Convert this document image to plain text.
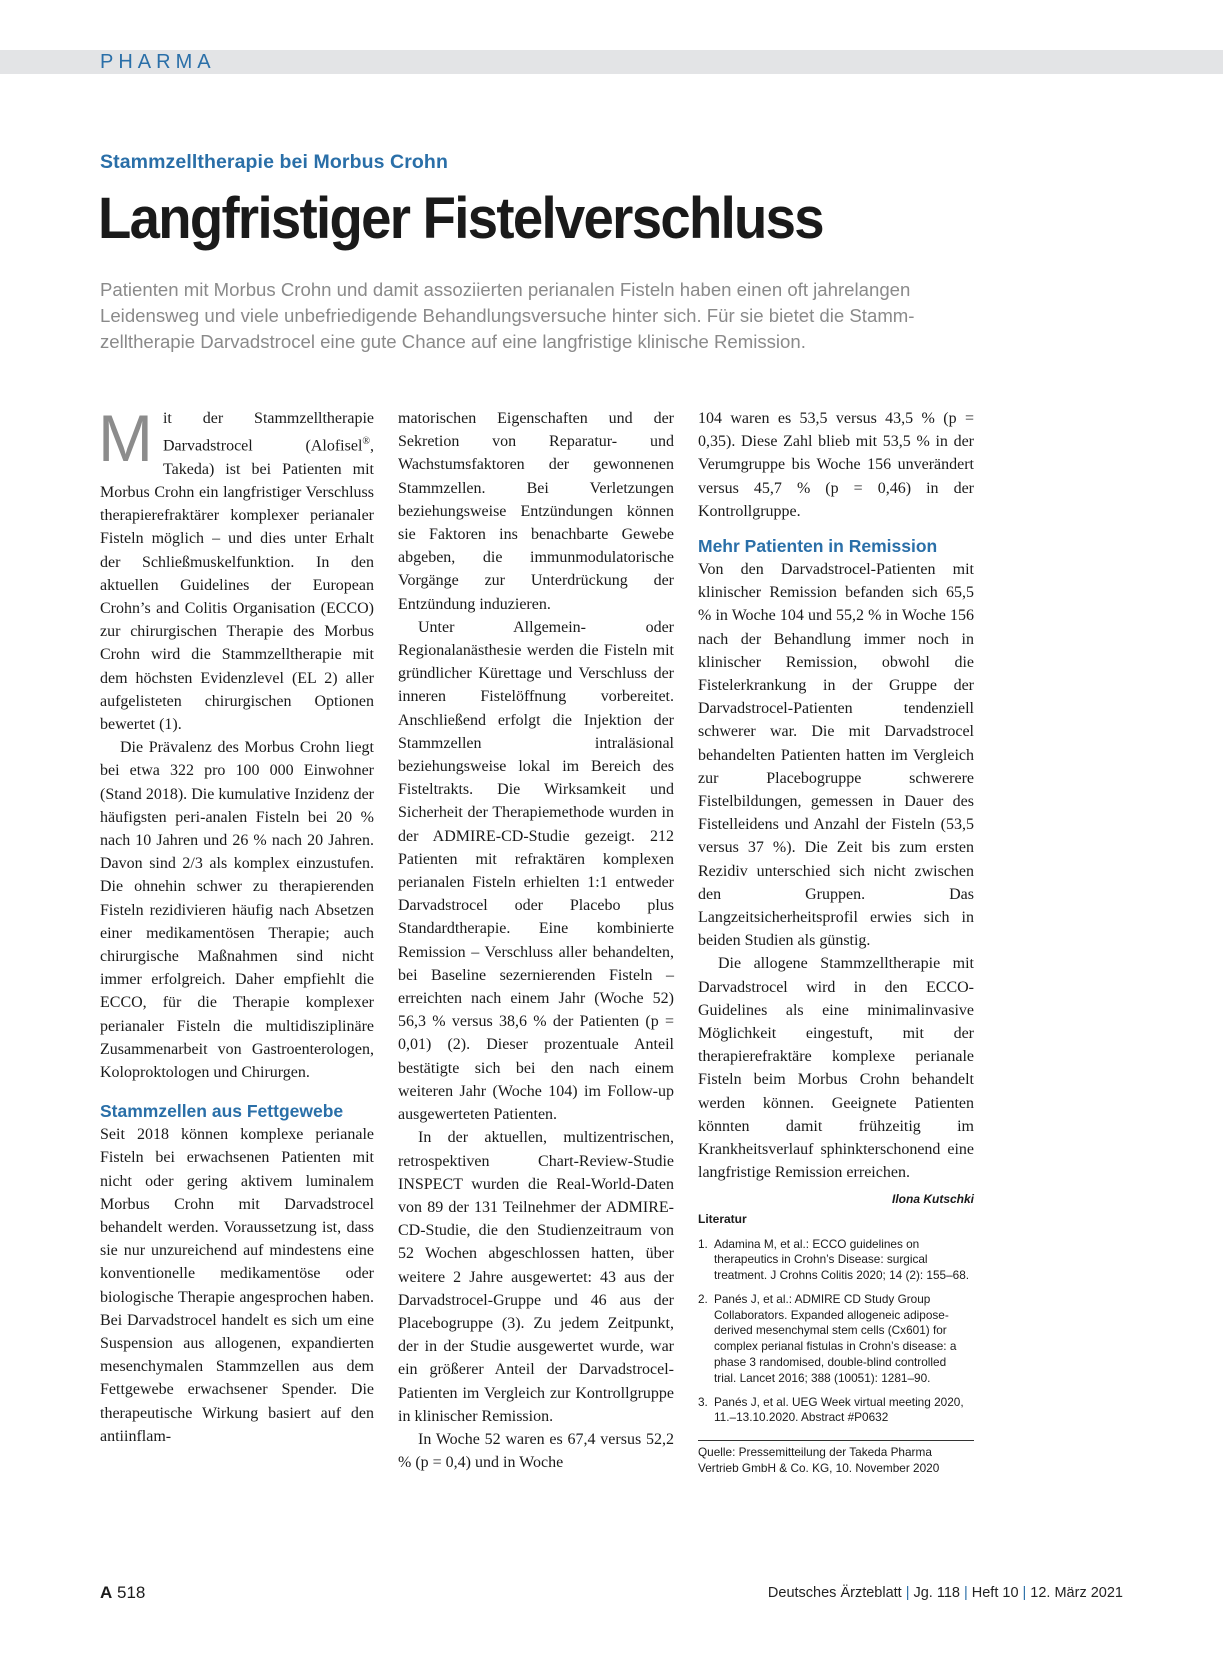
PHARMA
Stammzelltherapie bei Morbus Crohn
Langfristiger Fistelverschluss
Patienten mit Morbus Crohn und damit assoziierten perianalen Fisteln haben einen oft jahrelangen
Leidensweg und viele unbefriedigende Behandlungsversuche hinter sich. Für sie bietet die Stamm-
zelltherapie Darvadstrocel eine gute Chance auf eine langfristige klinische Remission.

Mit der Stammzelltherapie Darvadstrocel (Alofisel®, Takeda) ist bei Patienten mit Morbus Crohn ein langfristiger Verschluss therapierefraktärer komplexer perianaler Fisteln möglich – und dies unter Erhalt der Schließmuskelfunktion. In den aktuellen Guidelines der European Crohn’s and Colitis Organisation (ECCO) zur chirurgischen Therapie des Morbus Crohn wird die Stammzelltherapie mit dem höchsten Evidenzlevel (EL 2) aller aufgelisteten chirurgischen Optionen bewertet (1).

Die Prävalenz des Morbus Crohn liegt bei etwa 322 pro 100 000 Einwohner (Stand 2018). Die kumulative Inzidenz der häufigsten peri-analen Fisteln bei 20 % nach 10 Jahren und 26 % nach 20 Jahren. Davon sind 2/3 als komplex einzustufen. Die ohnehin schwer zu therapierenden Fisteln rezidivieren häufig nach Absetzen einer medikamentösen Therapie; auch chirurgische Maßnahmen sind nicht immer erfolgreich. Daher empfiehlt die ECCO, für die Therapie komplexer perianaler Fisteln die multidisziplinäre Zusammenarbeit von Gastroenterologen, Koloproktologen und Chirurgen.

Stammzellen aus Fettgewebe

Seit 2018 können komplexe perianale Fisteln bei erwachsenen Patienten mit nicht oder gering aktivem luminalem Morbus Crohn mit Darvadstrocel behandelt werden. Voraussetzung ist, dass sie nur unzureichend auf mindestens eine konventionelle medikamentöse oder biologische Therapie angesprochen haben. Bei Darvadstrocel handelt es sich um eine Suspension aus allogenen, expandierten mesenchymalen Stammzellen aus dem Fettgewebe erwachsener Spender. Die therapeutische Wirkung basiert auf den antiinflam-

matorischen Eigenschaften und der Sekretion von Reparatur- und Wachstumsfaktoren der gewonnenen Stammzellen. Bei Verletzungen beziehungsweise Entzündungen können sie Faktoren ins benachbarte Gewebe abgeben, die immunmodulatorische Vorgänge zur Unterdrückung der Entzündung induzieren.

Unter Allgemein- oder Regionalanästhesie werden die Fisteln mit gründlicher Kürettage und Verschluss der inneren Fistelöffnung vorbereitet. Anschließend erfolgt die Injektion der Stammzellen intraläsional beziehungsweise lokal im Bereich des Fisteltrakts. Die Wirksamkeit und Sicherheit der Therapiemethode wurden in der ADMIRE-CD-Studie gezeigt. 212 Patienten mit refraktären komplexen perianalen Fisteln erhielten 1:1 entweder Darvadstrocel oder Placebo plus Standardtherapie. Eine kombinierte Remission – Verschluss aller behandelten, bei Baseline sezernierenden Fisteln – erreichten nach einem Jahr (Woche 52) 56,3 % versus 38,6 % der Patienten (p = 0,01) (2). Dieser prozentuale Anteil bestätigte sich bei den nach einem weiteren Jahr (Woche 104) im Follow-up ausgewerteten Patienten.

In der aktuellen, multizentrischen, retrospektiven Chart-Review-Studie INSPECT wurden die Real-World-Daten von 89 der 131 Teilnehmer der ADMIRE-CD-Studie, die den Studienzeitraum von 52 Wochen abgeschlossen hatten, über weitere 2 Jahre ausgewertet: 43 aus der Darvadstrocel-Gruppe und 46 aus der Placebogruppe (3). Zu jedem Zeitpunkt, der in der Studie ausgewertet wurde, war ein größerer Anteil der Darvadstrocel-Patienten im Vergleich zur Kontrollgruppe in klinischer Remission.

In Woche 52 waren es 67,4 versus 52,2 % (p = 0,4) und in Woche

104 waren es 53,5 versus 43,5 % (p = 0,35). Diese Zahl blieb mit 53,5 % in der Verumgruppe bis Woche 156 unverändert versus 45,7 % (p = 0,46) in der Kontrollgruppe.

Mehr Patienten in Remission

Von den Darvadstrocel-Patienten mit klinischer Remission befanden sich 65,5 % in Woche 104 und 55,2 % in Woche 156 nach der Behandlung immer noch in klinischer Remission, obwohl die Fistelerkrankung in der Gruppe der Darvadstrocel-Patienten tendenziell schwerer war. Die mit Darvadstrocel behandelten Patienten hatten im Vergleich zur Placebogruppe schwerere Fistelbildungen, gemessen in Dauer des Fistelleidens und Anzahl der Fisteln (53,5 versus 37 %). Die Zeit bis zum ersten Rezidiv unterschied sich nicht zwischen den Gruppen. Das Langzeitsicherheitsprofil erwies sich in beiden Studien als günstig.

Die allogene Stammzelltherapie mit Darvadstrocel wird in den ECCO-Guidelines als eine minimalinvasive Möglichkeit eingestuft, mit der therapierefraktäre komplexe perianale Fisteln beim Morbus Crohn behandelt werden können. Geeignete Patienten könnten damit frühzeitig im Krankheitsverlauf sphinkterschonend eine langfristige Remission erreichen.
Ilona Kutschki

Literatur
1. Adamina M, et al.: ECCO guidelines on therapeutics in Crohn’s Disease: surgical treatment. J Crohns Colitis 2020; 14 (2): 155–68.
2. Panés J, et al.: ADMIRE CD Study Group Collaborators. Expanded allogeneic adipose-derived mesenchymal stem cells (Cx601) for complex perianal fistulas in Crohn’s disease: a phase 3 randomised, double-blind controlled trial. Lancet 2016; 388 (10051): 1281–90.
3. Panés J, et al. UEG Week virtual meeting 2020, 11.–13.10.2020. Abstract #P0632
Quelle: Pressemitteilung der Takeda Pharma Vertrieb GmbH & Co. KG, 10. November 2020
A 518	Deutsches Ärzteblatt | Jg. 118 | Heft 10 | 12. März 2021
